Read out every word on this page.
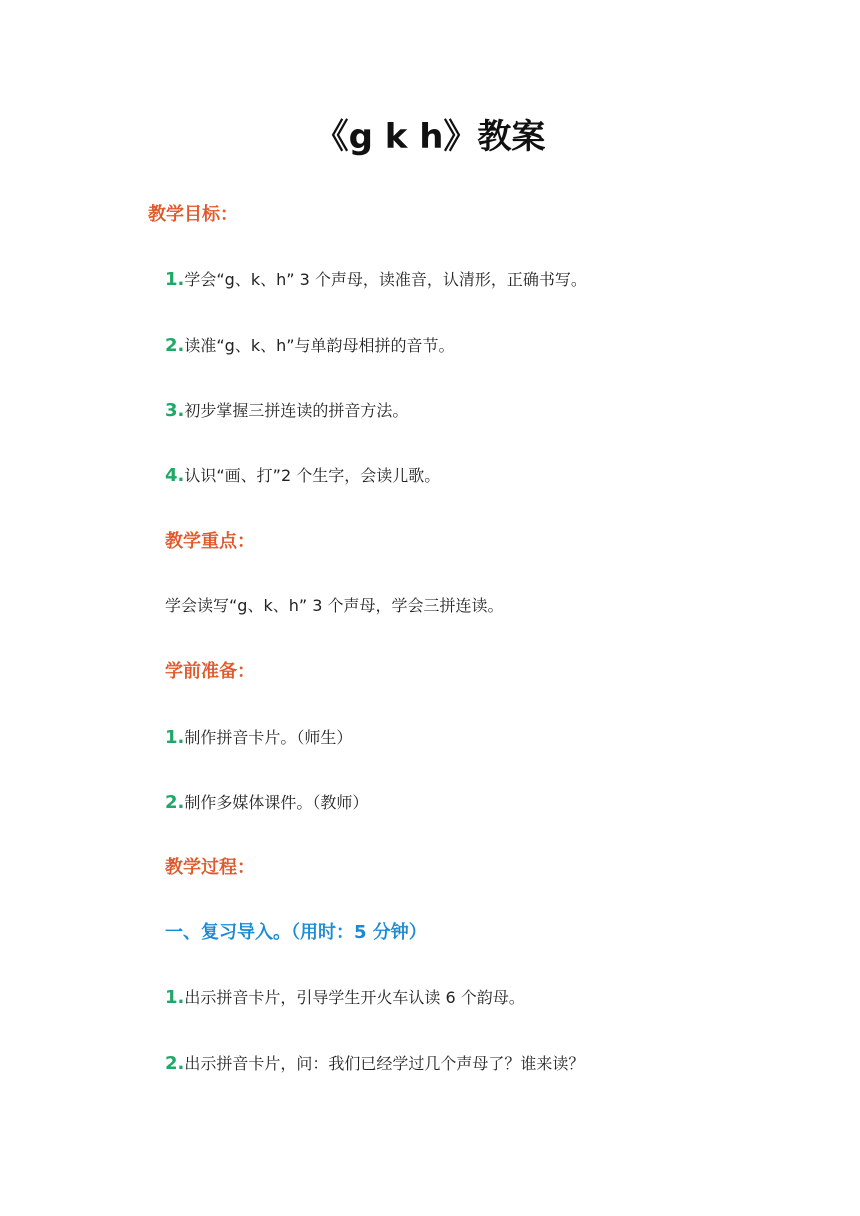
《g k h》教案
教学目标：
1.学会“g、k、h” 3 个声母，读准音，认清形，正确书写。
2.读准“g、k、h”与单韵母相拼的音节。
3.初步掌握三拼连读的拼音方法。
4.认识“画、打”2 个生字，会读儿歌。
教学重点：
学会读写“g、k、h” 3 个声母，学会三拼连读。
学前准备：
1.制作拼音卡片。（师生）
2.制作多媒体课件。（教师）
教学过程：
一、复习导入。（用时：5 分钟）
1.出示拼音卡片，引导学生开火车认读 6 个韵母。
2.出示拼音卡片，问：我们已经学过几个声母了？谁来读？
